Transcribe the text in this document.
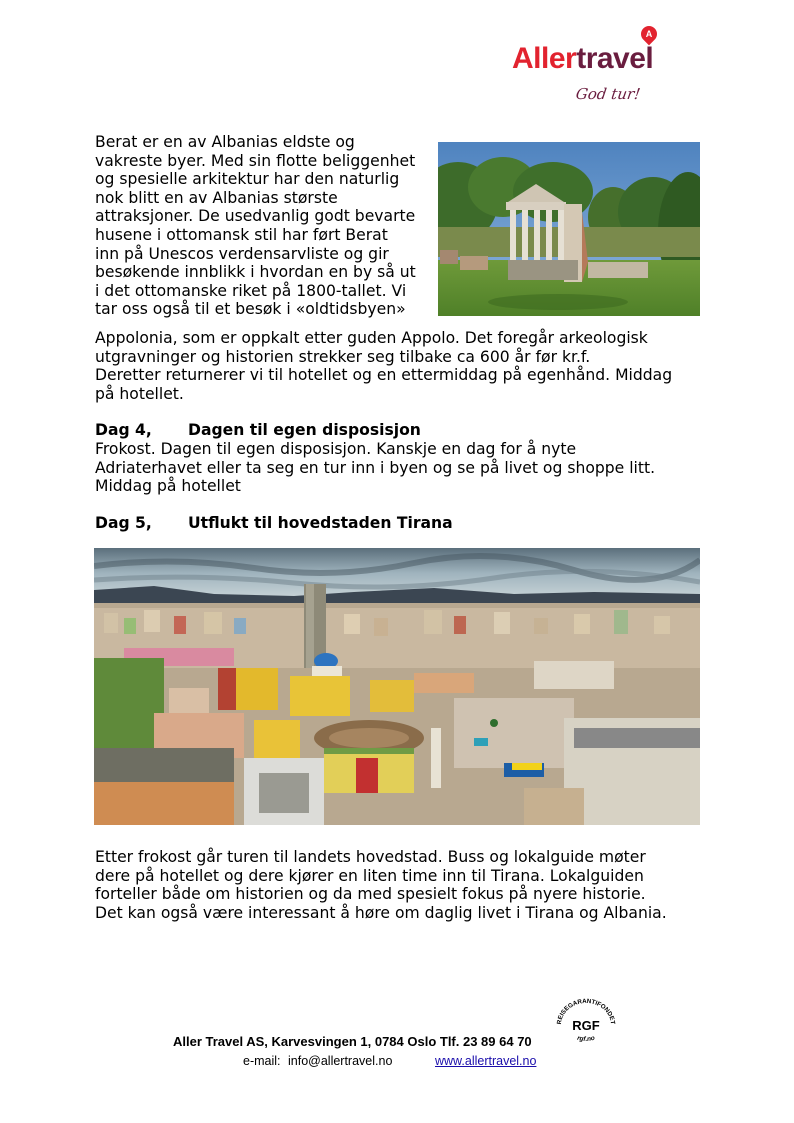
A
Allertravel
God tur!
Berat er en av Albanias eldste og
vakreste byer. Med sin flotte beliggenhet
og spesielle arkitektur har den naturlig
nok blitt en av Albanias største
attraksjoner. De usedvanlig godt bevarte
husene i ottomansk stil har ført Berat
inn på Unescos verdensarvliste og gir
besøkende innblikk i hvordan en by så ut
i det ottomanske riket på 1800-tallet. Vi
tar oss også til et besøk i «oldtidsbyen»
Appolonia, som er oppkalt etter guden Appolo. Det foregår arkeologisk
utgravninger og historien strekker seg tilbake ca 600 år før kr.f.
Deretter returnerer vi til hotellet og en ettermiddag på egenhånd. Middag
på hotellet.
Dag 4, Dagen til egen disposisjon
Frokost. Dagen til egen disposisjon. Kanskje en dag for å nyte
Adriaterhavet eller ta seg en tur inn i byen og se på livet og shoppe litt.
Middag på hotellet
Dag 5, Utflukt til hovedstaden Tirana
Etter frokost går turen til landets hovedstad. Buss og lokalguide møter
dere på hotellet og dere kjører en liten time inn til Tirana. Lokalguiden
forteller både om historien og da med spesielt fokus på nyere historie.
Det kan også være interessant å høre om daglig livet i Tirana og Albania.
Aller Travel AS, Karvesvingen 1, 0784 Oslo Tlf. 23 89 64 70
e-mail: info@allertravel.no	www.allertravel.no
REISEGARANTIFONDET
RGF
rgf.no
